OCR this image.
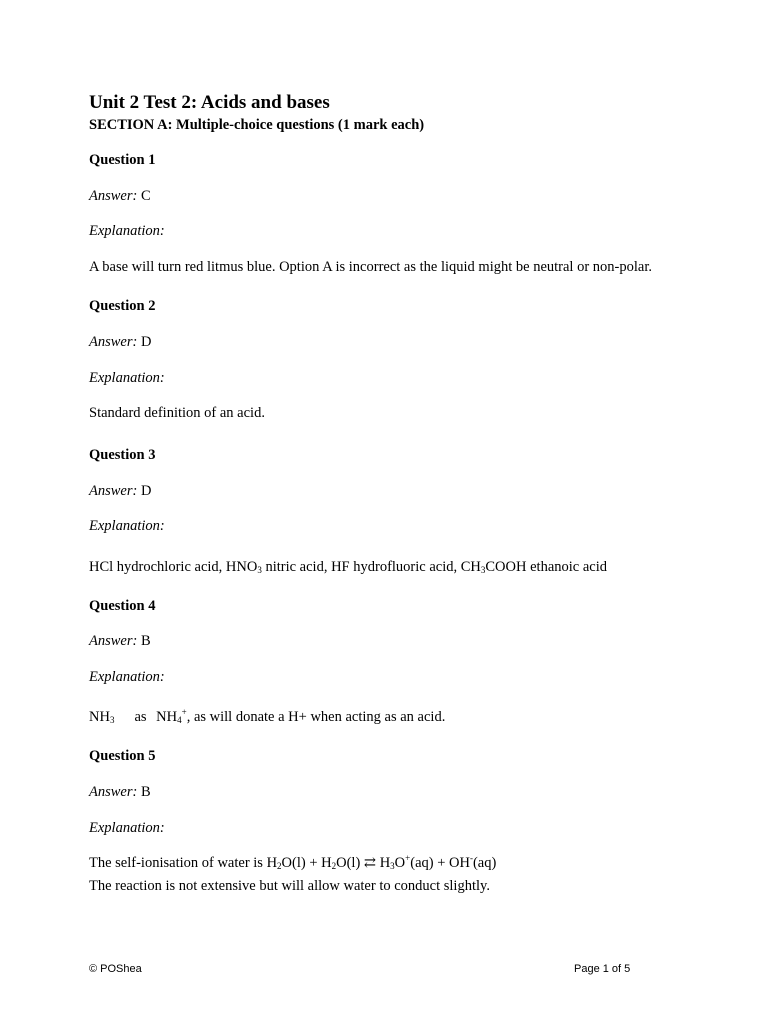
Unit 2 Test 2: Acids and bases
SECTION A: Multiple-choice questions (1 mark each)
Question 1
Answer: C
Explanation:
A base will turn red litmus blue. Option A is incorrect as the liquid might be neutral or non-polar.
Question 2
Answer: D
Explanation:
Standard definition of an acid.
Question 3
Answer: D
Explanation:
HCl hydrochloric acid, $HNO_3$ nitric acid, HF hydrofluoric acid, $CH_3COOH$ ethanoic acid
Question 4
Answer: B
Explanation:
$NH_3$ as $NH_4^+$, as will donate a H+ when acting as an acid.
Question 5
Answer: B
Explanation:
The self-ionisation of water is $H_2O(l) + H_2O(l)$ ⇄ $H_3O^+(aq) + OH^-(aq)$
The reaction is not extensive but will allow water to conduct slightly.
© POShea	Page 1 of 5
